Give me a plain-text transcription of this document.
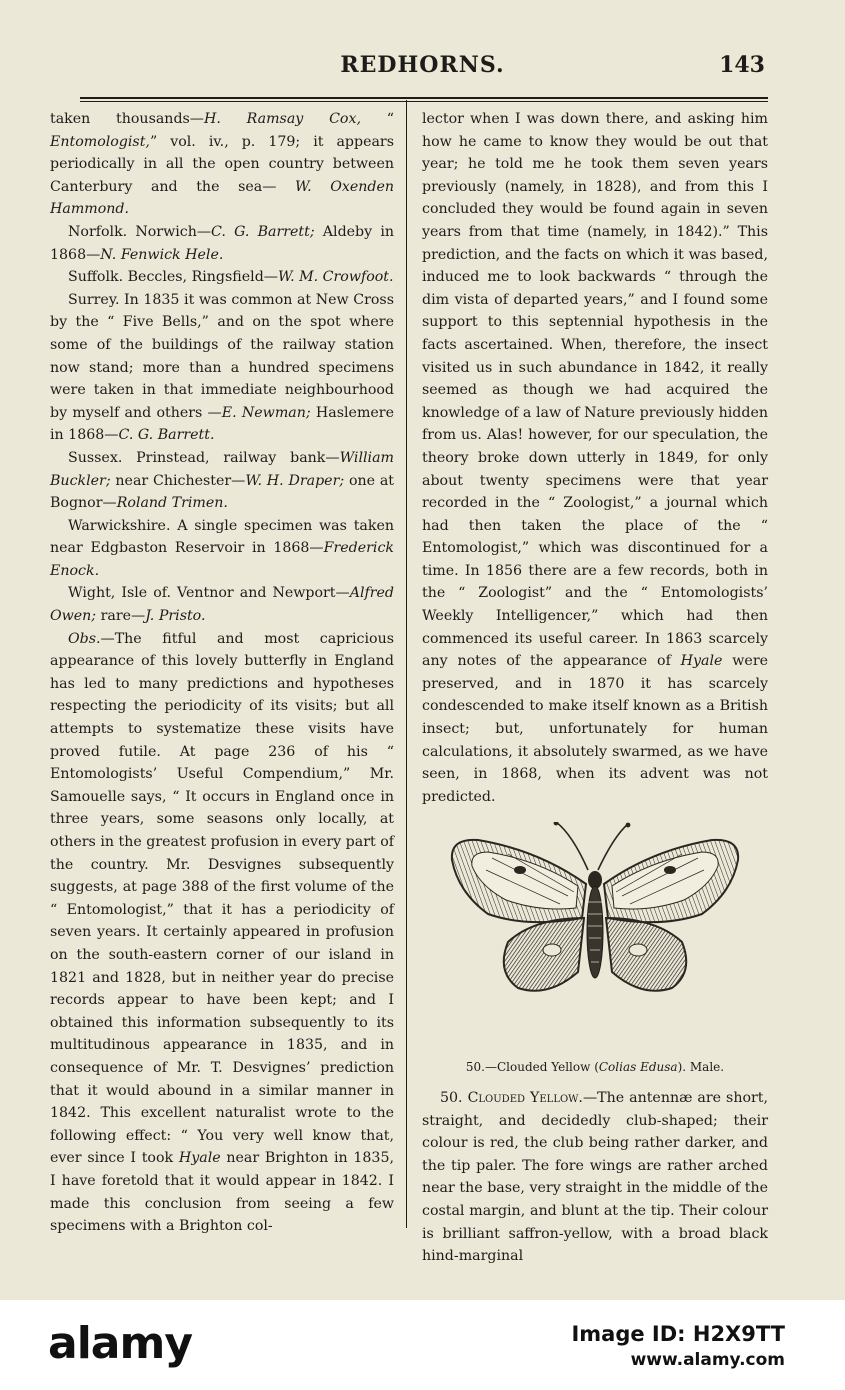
REDHORNS.	143

taken thousands—H. Ramsay Cox, “ Entomologist,” vol. iv., p. 179; it appears periodically in all the open country between Canterbury and the sea— W. Oxenden Hammond.

Norfolk. Norwich—C. G. Barrett; Aldeby in 1868—N. Fenwick Hele.

Suffolk. Beccles, Ringsfield—W. M. Crowfoot.

Surrey. In 1835 it was common at New Cross by the “ Five Bells,” and on the spot where some of the buildings of the railway station now stand; more than a hundred specimens were taken in that immediate neighbourhood by myself and others —E. Newman; Haslemere in 1868—C. G. Barrett.

Sussex. Prinstead, railway bank—William Buckler; near Chichester—W. H. Draper; one at Bognor—Roland Trimen.

Warwickshire. A single specimen was taken near Edgbaston Reservoir in 1868—Frederick Enock.

Wight, Isle of. Ventnor and Newport—Alfred Owen; rare—J. Pristo.

Obs.—The fitful and most capricious appearance of this lovely butterfly in England has led to many predictions and hypotheses respecting the periodicity of its visits; but all attempts to systematize these visits have proved futile. At page 236 of his “ Entomologists’ Useful Compendium,” Mr. Samouelle says, “ It occurs in England once in three years, some seasons only locally, at others in the greatest profusion in every part of the country. Mr. Desvignes subsequently suggests, at page 388 of the first volume of the “ Entomologist,” that it has a periodicity of seven years. It certainly appeared in profusion on the south-eastern corner of our island in 1821 and 1828, but in neither year do precise records appear to have been kept; and I obtained this information subsequently to its multitudinous appearance in 1835, and in consequence of Mr. T. Desvignes’ prediction that it would abound in a similar manner in 1842. This excellent naturalist wrote to the following effect: “ You very well know that, ever since I took Hyale near Brighton in 1835, I have foretold that it would appear in 1842. I made this conclusion from seeing a few specimens with a Brighton col-

lector when I was down there, and asking him how he came to know they would be out that year; he told me he took them seven years previously (namely, in 1828), and from this I concluded they would be found again in seven years from that time (namely, in 1842).” This prediction, and the facts on which it was based, induced me to look backwards “ through the dim vista of departed years,” and I found some support to this septennial hypothesis in the facts ascertained. When, therefore, the insect visited us in such abundance in 1842, it really seemed as though we had acquired the knowledge of a law of Nature previously hidden from us. Alas! however, for our speculation, the theory broke down utterly in 1849, for only about twenty specimens were that year recorded in the “ Zoologist,” a journal which had then taken the place of the “ Entomologist,” which was discontinued for a time. In 1856 there are a few records, both in the “ Zoologist” and the “ Entomologists’ Weekly Intelligencer,” which had then commenced its useful career. In 1863 scarcely any notes of the appearance of Hyale were preserved, and in 1870 it has scarcely condescended to make itself known as a British insect; but, unfortunately for human calculations, it absolutely swarmed, as we have seen, in 1868, when its advent was not predicted.

50.—Clouded Yellow (Colias Edusa). Male.

50. Clouded Yellow.—The antennæ are short, straight, and decidedly club-shaped; their colour is red, the club being rather darker, and the tip paler. The fore wings are rather arched near the base, very straight in the middle of the costal margin, and blunt at the tip. Their colour is brilliant saffron-yellow, with a broad black hind-marginal

alamy	Image ID: H2X9TT
www.alamy.com
